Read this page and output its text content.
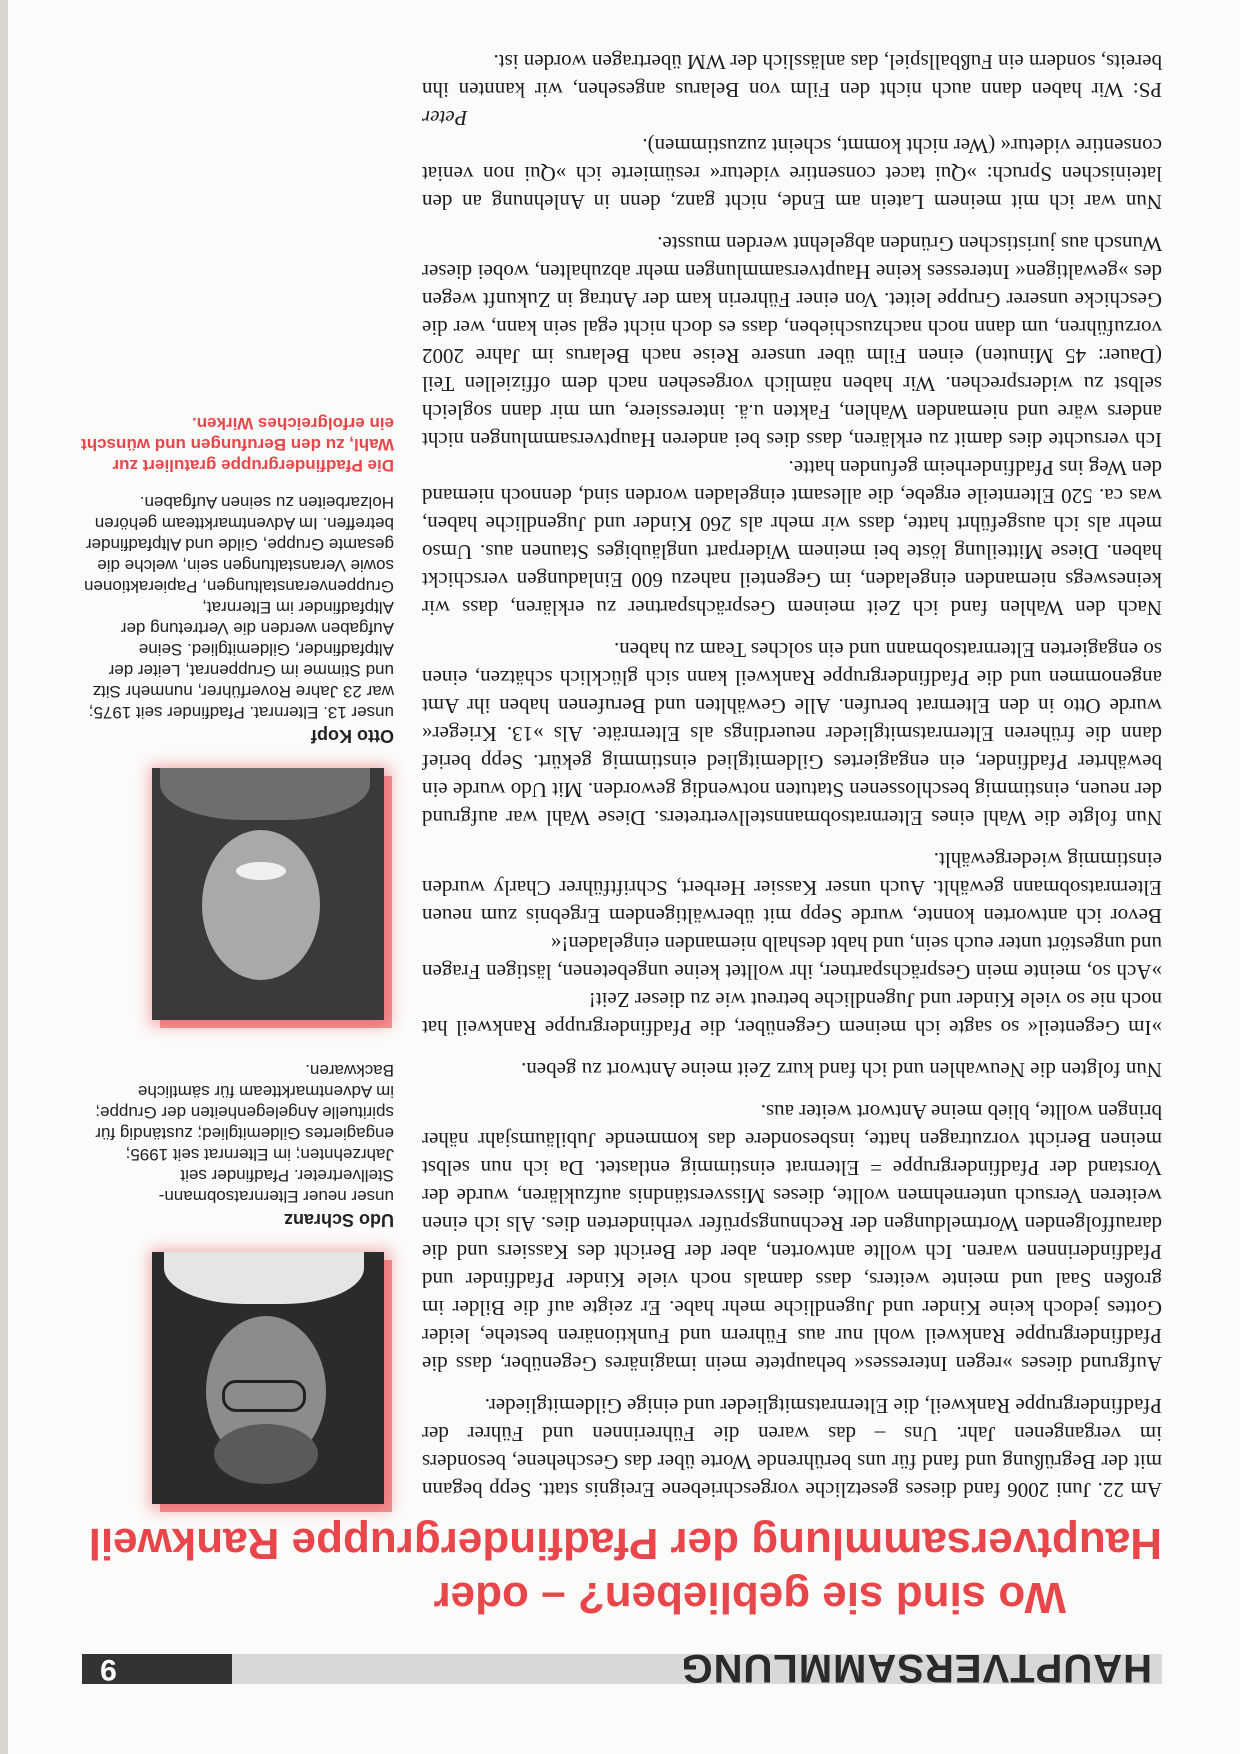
HAUPTVERSAMMLUNG
9
Wo sind sie geblieben? – oder
Hauptversammlung der Pfadfindergruppe Rankweil

Am 22. Juni 2006 fand dieses gesetzliche vorgeschriebene Ereignis statt. Sepp begann mit der Begrüßung und fand für uns berührende Worte über das Geschehene, besonders im vergangenen Jahr. Uns – das waren die Führerinnen und Führer der Pfadfindergruppe Rankweil, die Elternratsmitglieder und einige Gildemitglieder.

Aufgrund dieses »regen Interesses« behauptete mein imaginäres Gegenüber, dass die Pfadfindergruppe Rankweil wohl nur aus Führern und Funktionären bestehe, leider Gottes jedoch keine Kinder und Jugendliche mehr habe. Er zeigte auf die Bilder im großen Saal und meinte weiters, dass damals noch viele Kinder Pfadfinder und Pfadfinderinnen waren. Ich wollte antworten, aber der Bericht des Kassiers und die darauffolgenden Wortmeldungen der Rechnungsprüfer verhinderten dies. Als ich einen weiteren Versuch unternehmen wollte, dieses Missverständnis aufzuklären, wurde der Vorstand der Pfadfindergruppe = Elternrat einstimmig entlastet. Da ich nun selbst meinen Bericht vorzutragen hatte, insbesondere das kommende Jubiläumsjahr näher bringen wollte, blieb meine Antwort weiter aus.

Nun folgten die Neuwahlen und ich fand kurz Zeit meine Antwort zu geben.

»Im Gegenteil« so sagte ich meinem Gegenüber, die Pfadfindergruppe Rankweil hat noch nie so viele Kinder und Jugendliche betreut wie zu dieser Zeit!

»Ach so, meinte mein Gesprächspartner, ihr wolltet keine ungebetenen, lästigen Fragen und ungestört unter euch sein, und habt deshalb niemanden eingeladen!«

Bevor ich antworten konnte, wurde Sepp mit überwältigendem Ergebnis zum neuen Elternratsobmann gewählt. Auch unser Kassier Herbert, Schriftführer Charly wurden einstimmig wiedergewählt.

Nun folgte die Wahl eines Elternratsobmannstellvertreters. Diese Wahl war aufgrund der neuen, einstimmig beschlossenen Statuten notwendig geworden. Mit Udo wurde ein bewährter Pfadfinder, ein engagiertes Gildemitglied einstimmig gekürt. Sepp berief dann die früheren Elternratsmitglieder neuerdings als Elternräte. Als »13. Krieger« wurde Otto in den Elternrat berufen. Alle Gewählten und Berufenen haben ihr Amt angenommen und die Pfadfindergruppe Rankweil kann sich glücklich schätzen, einen so engagierten Elternratsobmann und ein solches Team zu haben.

Nach den Wahlen fand ich Zeit meinem Gesprächspartner zu erklären, dass wir keineswegs niemanden eingeladen, im Gegenteil nahezu 600 Einladungen verschickt haben. Diese Mitteilung löste bei meinem Widerpart ungläubiges Staunen aus. Umso mehr als ich ausgeführt hatte, dass wir mehr als 260 Kinder und Jugendliche haben, was ca. 520 Elternteile ergebe, die allesamt eingeladen worden sind, dennoch niemand den Weg ins Pfadfinderheim gefunden hatte.

Ich versuchte dies damit zu erklären, dass dies bei anderen Hauptversammlungen nicht anders wäre und niemanden Wahlen, Fakten u.ä. interessiere, um mir dann sogleich selbst zu widersprechen. Wir haben nämlich vorgesehen nach dem offiziellen Teil (Dauer: 45 Minuten) einen Film über unsere Reise nach Belarus im Jahre 2002 vorzuführen, um dann noch nachzuschieben, dass es doch nicht egal sein kann, wer die Geschicke unserer Gruppe leitet. Von einer Führerin kam der Antrag in Zukunft wegen des »gewaltigen« Interesses keine Hauptversammlungen mehr abzuhalten, wobei dieser Wunsch aus juristischen Gründen abgelehnt werden musste.

Nun war ich mit meinem Latein am Ende, nicht ganz, denn in Anlehnung an den lateinischen Spruch: »Qui tacet consentire videtur« resümierte ich »Qui non veniat consentire videtur« (Wer nicht kommt, scheint zuzustimmen).

Peter

PS: Wir haben dann auch nicht den Film von Belarus angesehen, wir kannten ihn bereits, sondern ein Fußballspiel, das anlässlich der WM übertragen worden ist.

Udo Schranz
unser neuer Elternratsobmann-Stellvertreter. Pfadfinder seit Jahrzehnten; im Elternrat seit 1995; engagiertes Gildemitglied; zuständig für spirituelle Angelegenheiten der Gruppe; im Adventmarktteam für sämtliche Backwaren.
Otto Kopf
unser 13. Elternrat. Pfadfinder seit 1975; war 23 Jahre Roverführer, nunmehr Sitz und Stimme im Gruppenrat, Leiter der Altpfadfinder, Gildemitglied. Seine Aufgaben werden die Vertretung der Altpfadfinder im Elternrat, Gruppenveranstaltungen, Papieraktionen sowie Veranstaltungen sein, welche die gesamte Gruppe, Gilde und Altpfadfinder betreffen. Im Adventmarktteam gehören Holzarbeiten zu seinen Aufgaben.
Die Pfadfindergruppe gratuliert zur Wahl, zu den Berufungen und wünscht ein erfolgreiches Wirken.
